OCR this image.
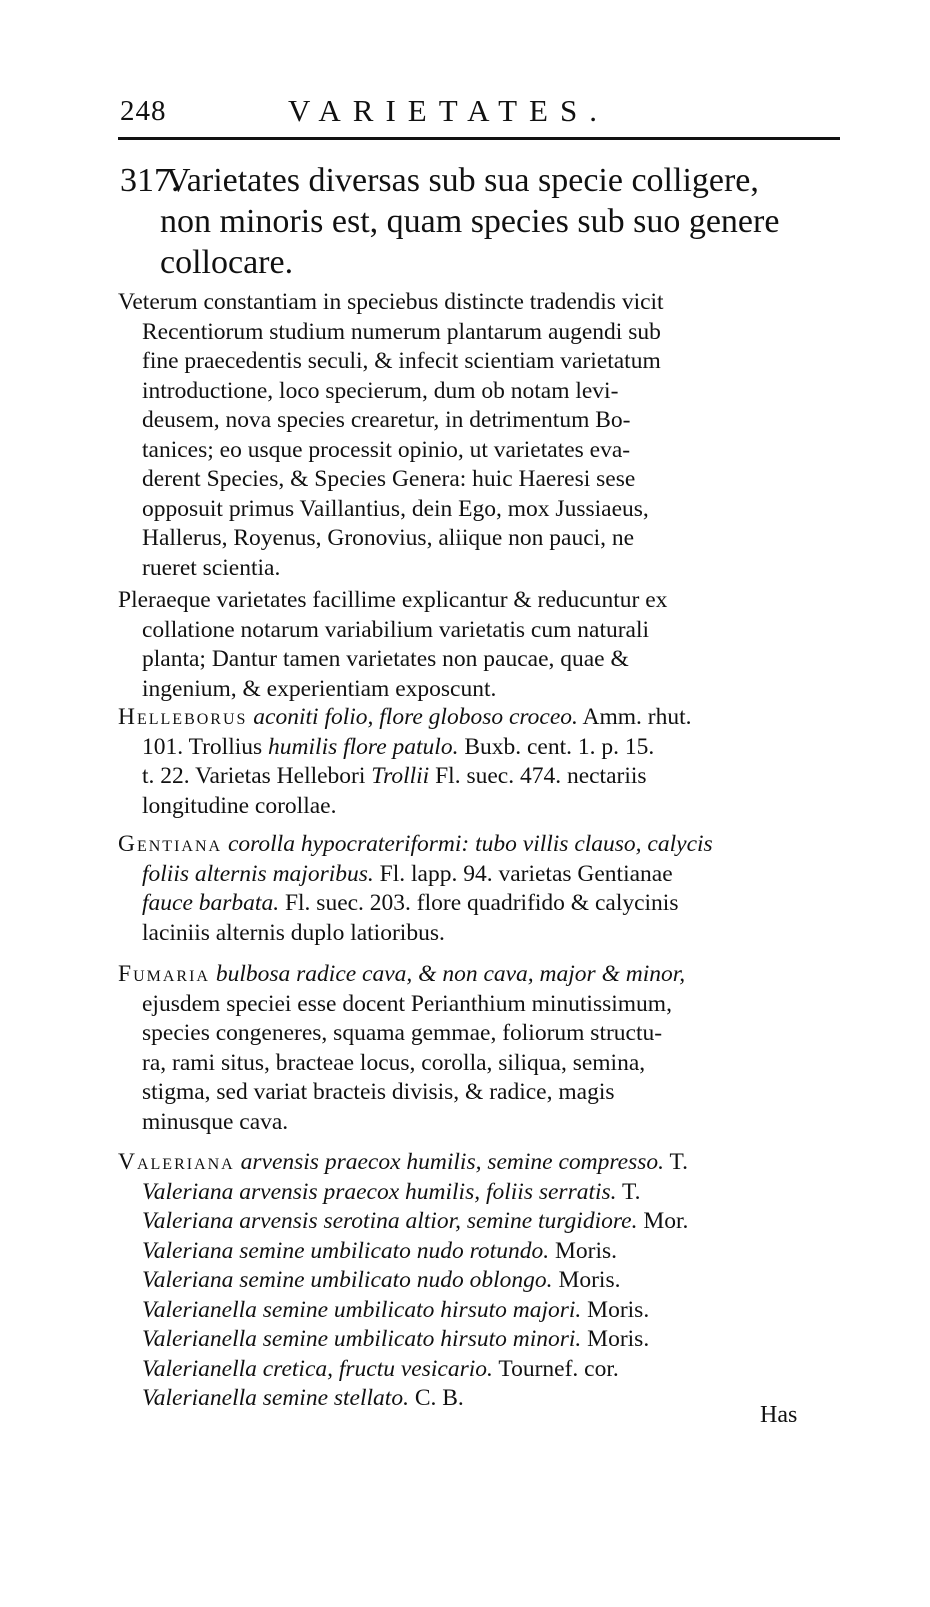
248	VARIETATES.
317.
Varietates diversas sub sua specie colligere,
non minoris est, quam species sub suo genere
collocare.
Veterum constantiam in speciebus distincte tradendis vicit
Recentiorum studium numerum plantarum augendi sub
fine praecedentis seculi, & infecit scientiam varietatum
introductione, loco specierum, dum ob notam levi-
deusem, nova species crearetur, in detrimentum Bo-
tanices; eo usque processit opinio, ut varietates eva-
derent Species, & Species Genera: huic Haeresi sese
opposuit primus Vaillantius, dein Ego, mox Jussiaeus,
Hallerus, Royenus, Gronovius, aliique non pauci, ne
rueret scientia.
Pleraeque varietates facillime explicantur & reducuntur ex
collatione notarum variabilium varietatis cum naturali
planta; Dantur tamen varietates non paucae, quae &
ingenium, & experientiam exposcunt.
Helleborus aconiti folio, flore globoso croceo. Amm. rhut.
101. Trollius humilis flore patulo. Buxb. cent. 1. p. 15.
t. 22. Varietas Hellebori Trollii Fl. suec. 474. nectariis
longitudine corollae.
Gentiana corolla hypocrateriformi: tubo villis clauso, calycis
foliis alternis majoribus. Fl. lapp. 94. varietas Gentianae
fauce barbata. Fl. suec. 203. flore quadrifido & calycinis
laciniis alternis duplo latioribus.
Fumaria bulbosa radice cava, & non cava, major & minor,
ejusdem speciei esse docent Perianthium minutissimum,
species congeneres, squama gemmae, foliorum structu-
ra, rami situs, bracteae locus, corolla, siliqua, semina,
stigma, sed variat bracteis divisis, & radice, magis
minusque cava.
Valeriana arvensis praecox humilis, semine compresso. T.
Valeriana arvensis praecox humilis, foliis serratis. T.
Valeriana arvensis serotina altior, semine turgidiore. Mor.
Valeriana semine umbilicato nudo rotundo. Moris.
Valeriana semine umbilicato nudo oblongo. Moris.
Valerianella semine umbilicato hirsuto majori. Moris.
Valerianella semine umbilicato hirsuto minori. Moris.
Valerianella cretica, fructu vesicario. Tournef. cor.
Valerianella semine stellato. C. B.
Has
